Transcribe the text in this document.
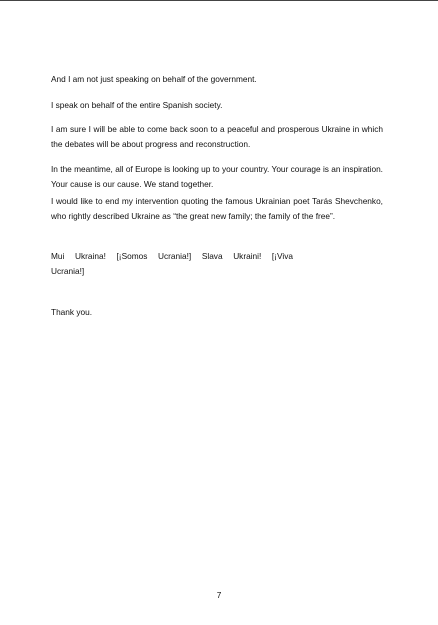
And I am not just speaking on behalf of the government.

I speak on behalf of the entire Spanish society.

I am sure I will be able to come back soon to a peaceful and prosperous Ukraine in which the debates will be about progress and reconstruction.

In the meantime, all of Europe is looking up to your country. Your courage is an inspiration. Your cause is our cause. We stand together.

I would like to end my intervention quoting the famous Ukrainian poet Tarás Shevchenko, who rightly described Ukraine as “the great new family; the family of the free”.

Mui Ukraina! [¡Somos Ucrania!] Slava Ukraini! [¡Viva
Ucrania!]

Thank you.

7
